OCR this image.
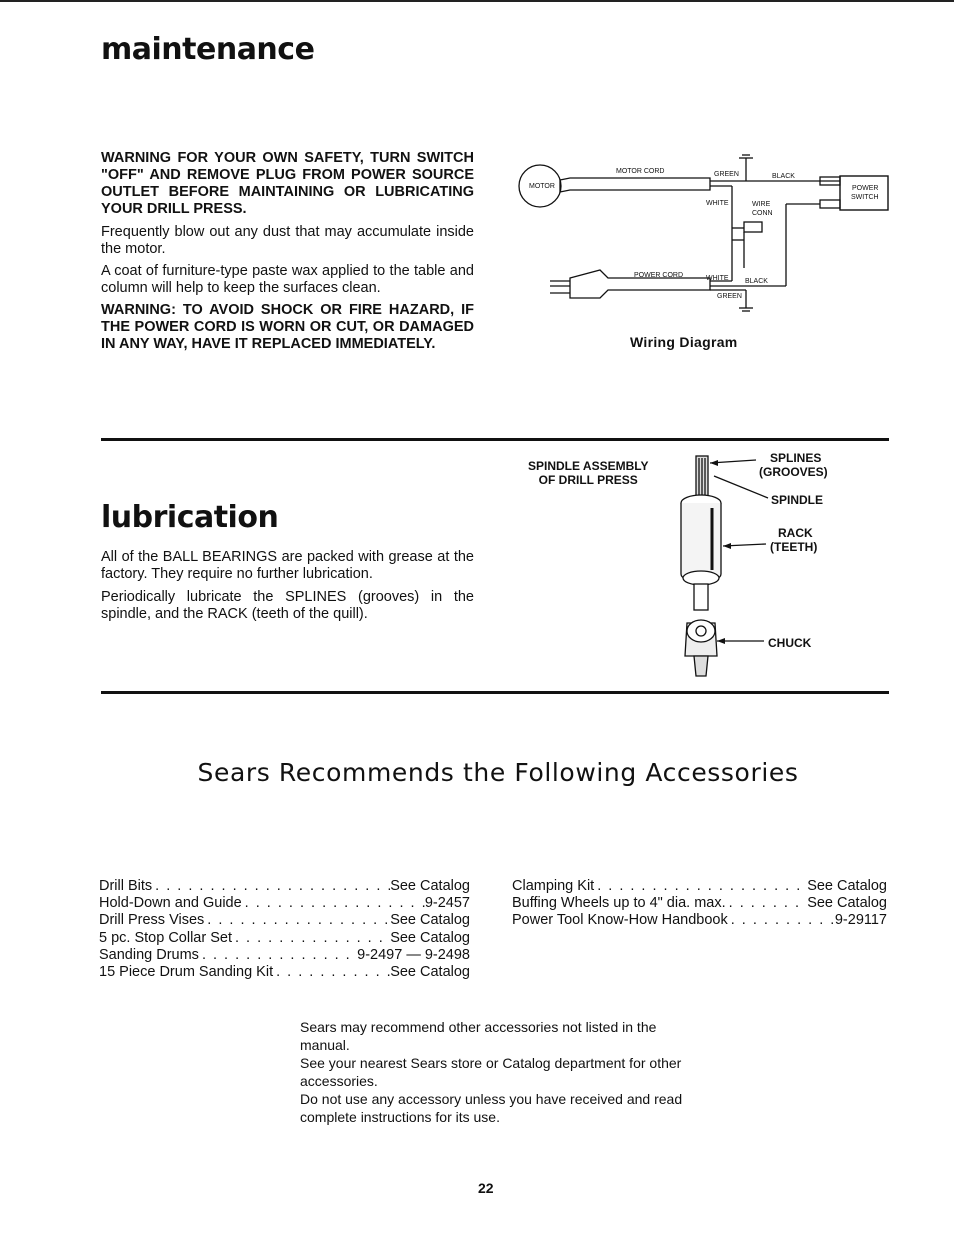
maintenance

WARNING FOR YOUR OWN SAFETY, TURN SWITCH "OFF" AND REMOVE PLUG FROM POWER SOURCE OUTLET BEFORE MAINTAINING OR LUBRICATING YOUR DRILL PRESS.

Frequently blow out any dust that may accumulate inside the motor.

A coat of furniture-type paste wax applied to the table and column will help to keep the surfaces clean.

WARNING: TO AVOID SHOCK OR FIRE HAZARD, IF THE POWER CORD IS WORN OR CUT, OR DAMAGED IN ANY WAY, HAVE IT REPLACED IMMEDIATELY.

MOTOR
MOTOR CORD	GREEN	BLACK
POWER
SWITCH
WHITE	WIRE
CONN
POWER CORD	WHITE BLACK
GREEN
Wiring Diagram
lubrication

All of the BALL BEARINGS are packed with grease at the factory. They require no further lubrication.

Periodically lubricate the SPLINES (grooves) in the spindle, and the RACK (teeth of the quill).

SPINDLE ASSEMBLY
OF DRILL PRESS
SPLINES
(GROOVES)
SPINDLE
RACK
(TEETH)
CHUCK
Sears Recommends the Following Accessories
Drill Bits . . .	See Catalog
Hold-Down and Guide . . .	9-2457
Drill Press Vises . . .	See Catalog
5 pc. Stop Collar Set . . .	See Catalog
Sanding Drums . . .	9-2497 — 9-2498
15 Piece Drum Sanding Kit . . .	See Catalog
Clamping Kit . . .	See Catalog
Buffing Wheels up to 4" dia. max. . . .	See Catalog
Power Tool Know-How Handbook . . .	9-29117

Sears may recommend other accessories not listed in the manual.

See your nearest Sears store or Catalog department for other accessories.

Do not use any accessory unless you have received and read complete instructions for its use.

22
